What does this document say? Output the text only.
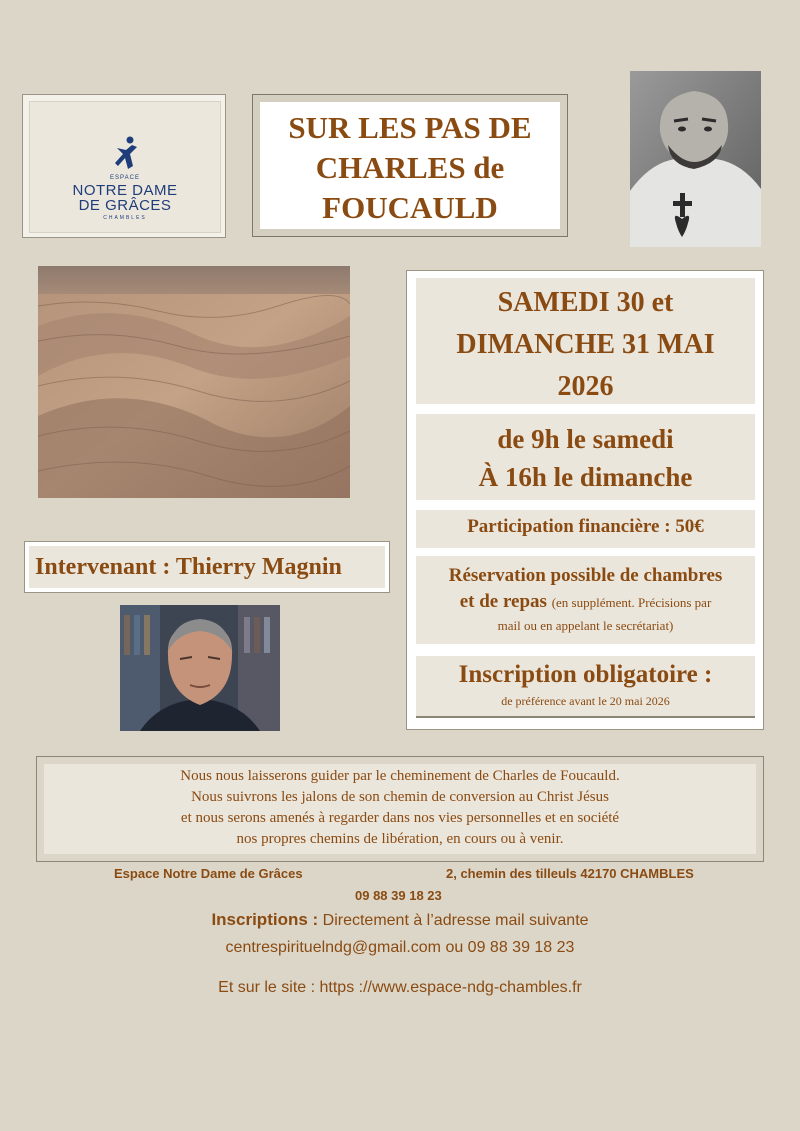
ESPACE
NOTRE DAME
DE GRÂCES
CHAMBLES
SUR LES PAS DE
CHARLES de
FOUCAULD
SAMEDI 30 et
DIMANCHE 31 MAI
2026
de 9h le samedi
À 16h le dimanche
Participation financière : 50€
Réservation possible de chambres
et de repas (en supplément. Précisions par
mail ou en appelant le secrétariat)
Inscription obligatoire :
de préférence avant le 20 mai 2026
Intervenant : Thierry Magnin
Nous nous laisserons guider par le cheminement de Charles de Foucauld.
Nous suivrons les jalons de son chemin de conversion au Christ Jésus
et nous serons amenés à regarder dans nos vies personnelles et en société
nos propres chemins de libération, en cours ou à venir.
Espace Notre Dame de Grâces	2, chemin des tilleuls 42170 CHAMBLES
09 88 39 18 23
Inscriptions : Directement à l’adresse mail suivante
centrespirituelndg@gmail.com ou 09 88 39 18 23
Et sur le site : https ://www.espace-ndg-chambles.fr
